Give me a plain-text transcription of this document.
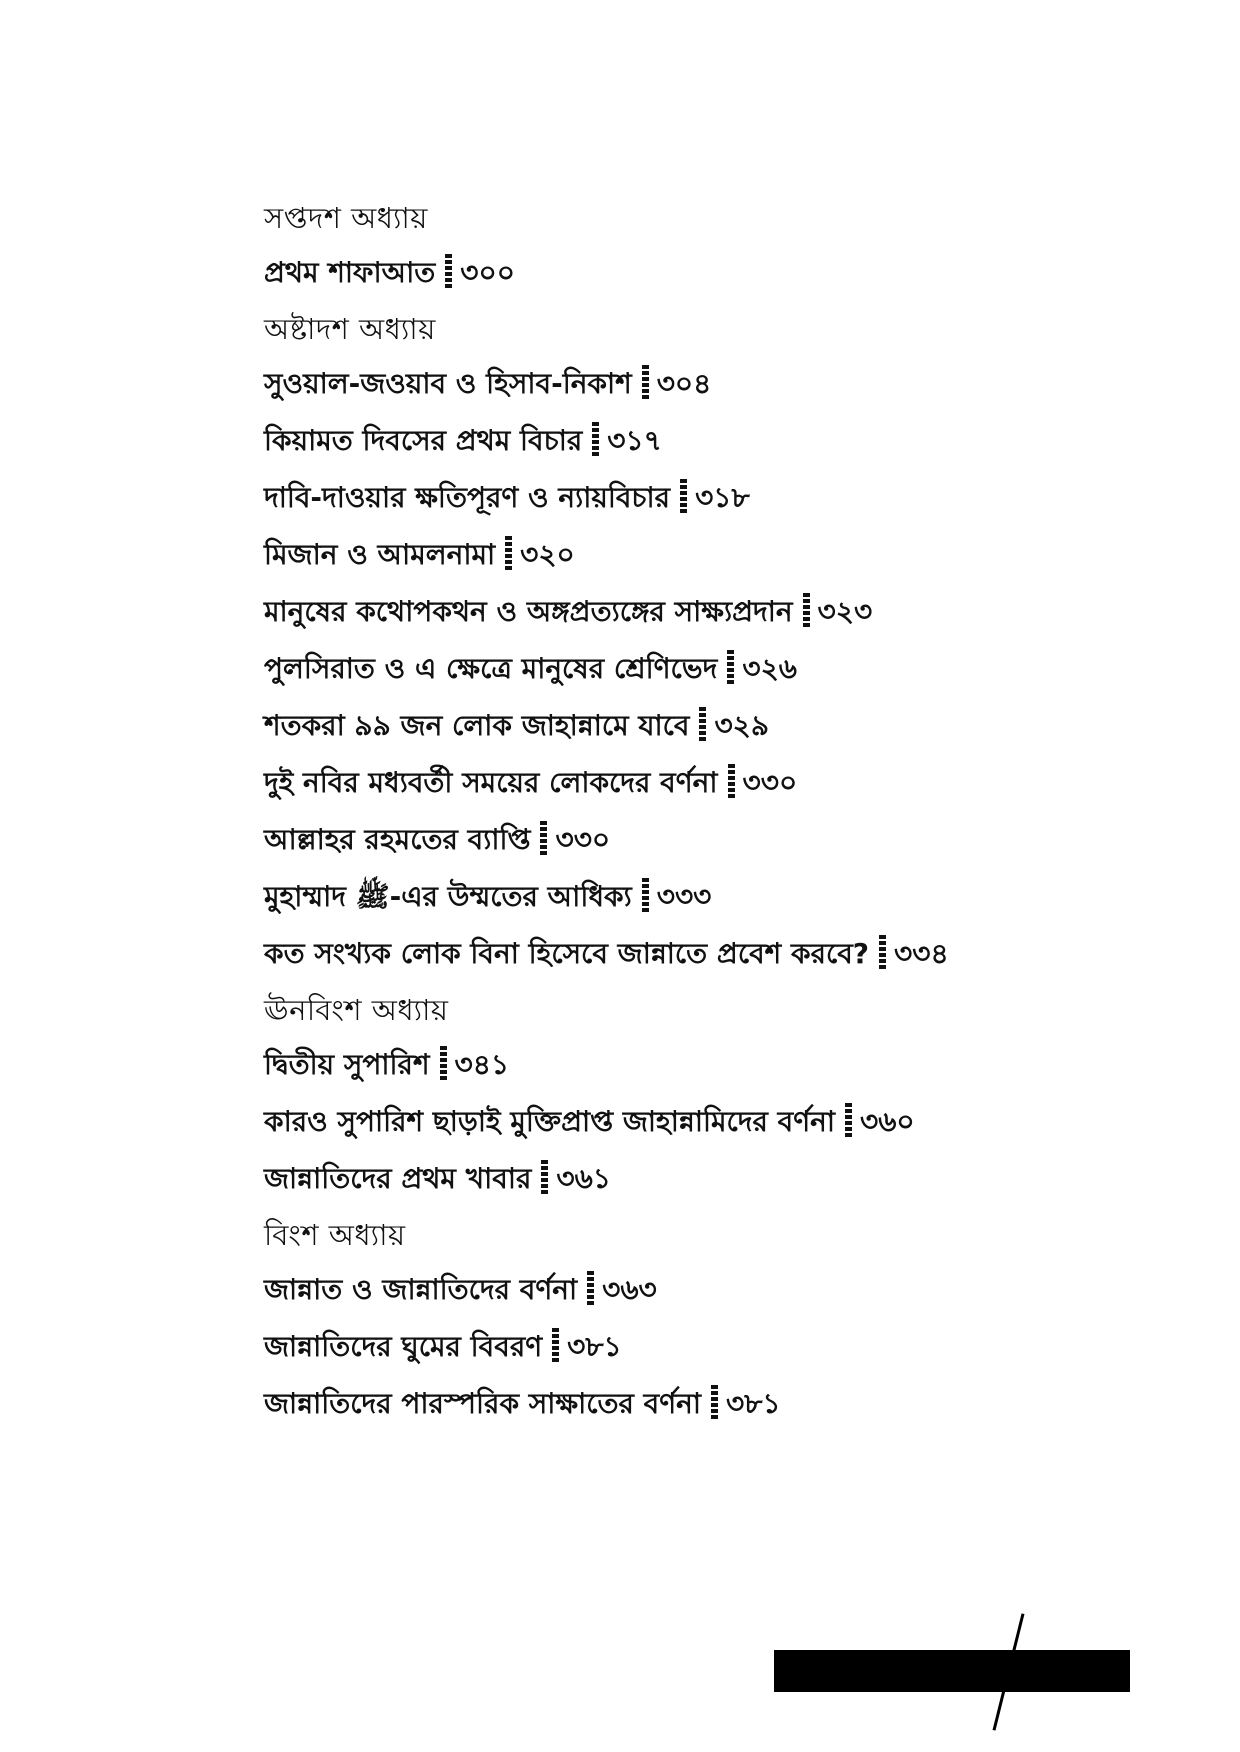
সপ্তদশ অধ্যায়
প্রথম শাফাআত ৩০০
অষ্টাদশ অধ্যায়
সুওয়াল-জওয়াব ও হিসাব-নিকাশ ৩০৪
কিয়ামত দিবসের প্রথম বিচার ৩১৭
দাবি-দাওয়ার ক্ষতিপূরণ ও ন্যায়বিচার ৩১৮
মিজান ও আমলনামা ৩২০
মানুষের কথোপকথন ও অঙ্গপ্রত্যঙ্গের সাক্ষ্যপ্রদান ৩২৩
পুলসিরাত ও এ ক্ষেত্রে মানুষের শ্রেণিভেদ ৩২৬
শতকরা ৯৯ জন লোক জাহান্নামে যাবে ৩২৯
দুই নবির মধ্যবর্তী সময়ের লোকদের বর্ণনা ৩৩০
আল্লাহর রহমতের ব্যাপ্তি ৩৩০
মুহাম্মাদ ﷺ-এর উম্মতের আধিক্য ৩৩৩
কত সংখ্যক লোক বিনা হিসেবে জান্নাতে প্রবেশ করবে? ৩৩৪
ঊনবিংশ অধ্যায়
দ্বিতীয় সুপারিশ ৩৪১
কারও সুপারিশ ছাড়াই মুক্তিপ্রাপ্ত জাহান্নামিদের বর্ণনা ৩৬০
জান্নাতিদের প্রথম খাবার ৩৬১
বিংশ অধ্যায়
জান্নাত ও জান্নাতিদের বর্ণনা ৩৬৩
জান্নাতিদের ঘুমের বিবরণ ৩৮১
জান্নাতিদের পারস্পরিক সাক্ষাতের বর্ণনা ৩৮১
